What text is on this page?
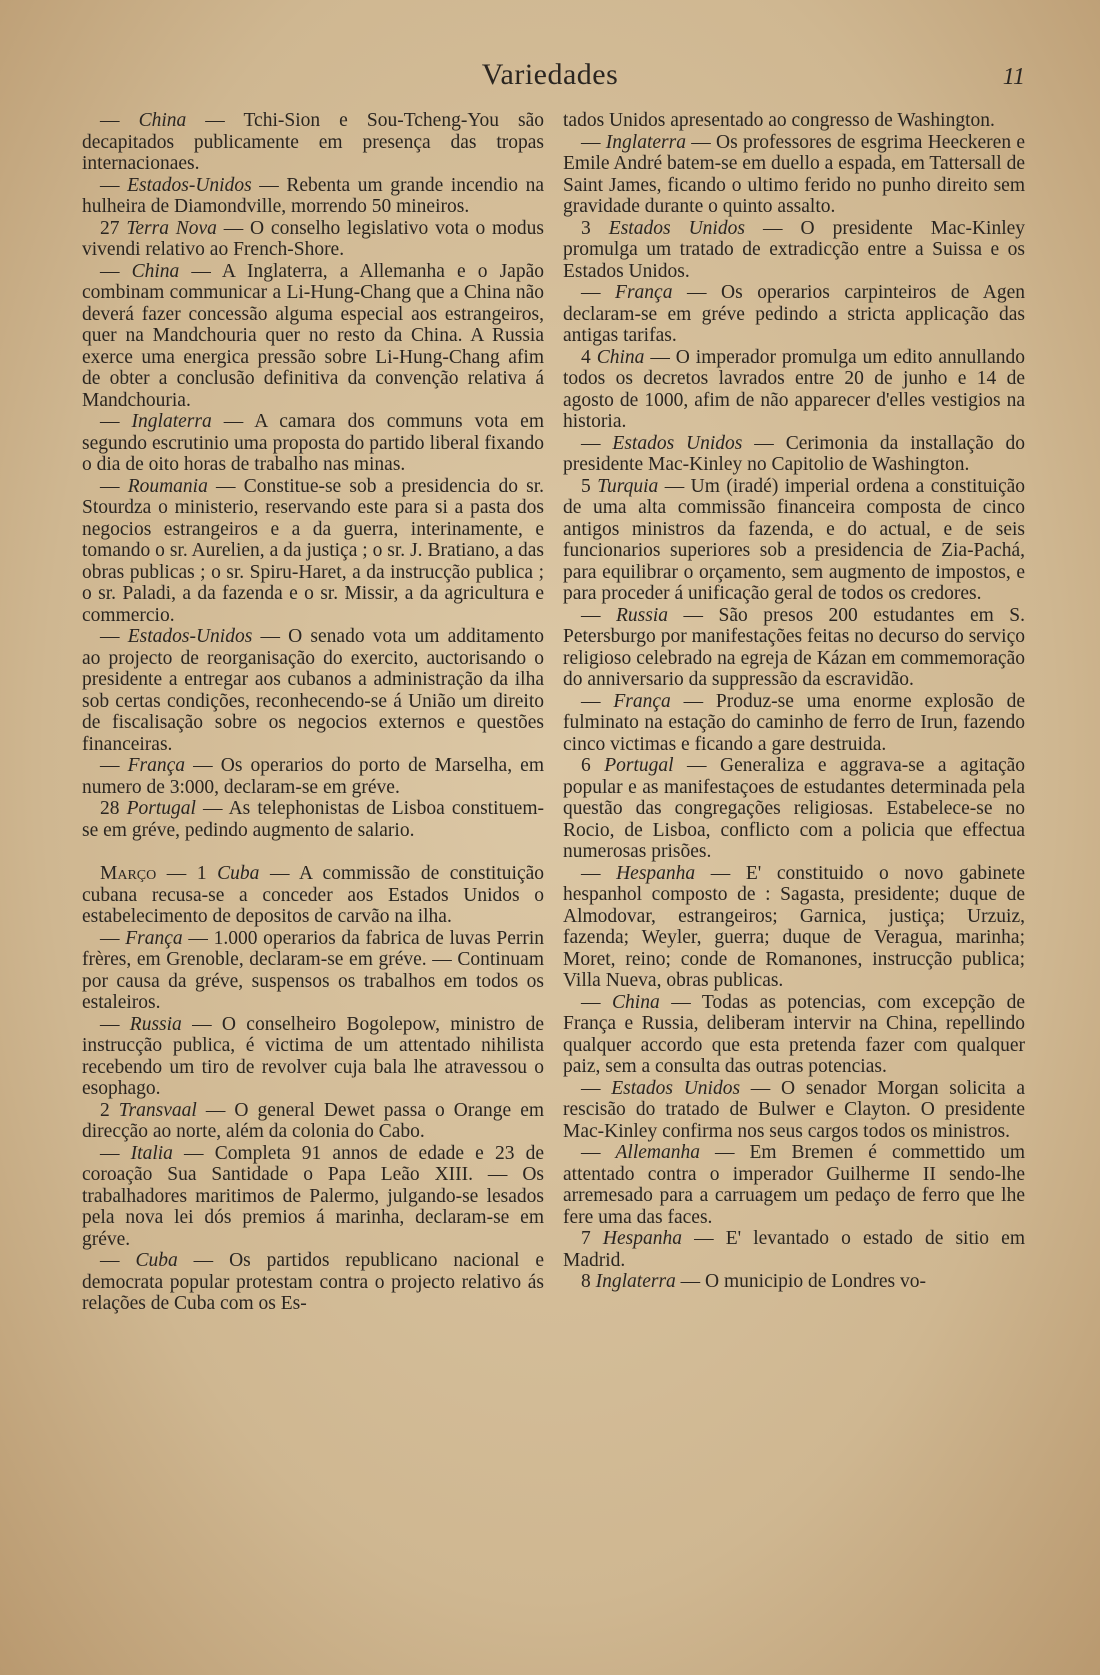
Variedades	11

— China — Tchi-Sion e Sou-Tcheng-You são decapitados publicamente em presença das tropas internacionaes.

— Estados-Unidos — Rebenta um grande incendio na hulheira de Diamondville, morrendo 50 mineiros.

27 Terra Nova — O conselho legislativo vota o modus vivendi relativo ao French-Shore.

— China — A Inglaterra, a Allemanha e o Japão combinam communicar a Li-Hung-Chang que a China não deverá fazer concessão alguma especial aos estrangeiros, quer na Mandchouria quer no resto da China. A Russia exerce uma energica pressão sobre Li-Hung-Chang afim de obter a conclusão definitiva da convenção relativa á Mandchouria.

— Inglaterra — A camara dos communs vota em segundo escrutinio uma proposta do partido liberal fixando o dia de oito horas de trabalho nas minas.

— Roumania — Constitue-se sob a presidencia do sr. Stourdza o ministerio, reservando este para si a pasta dos negocios estrangeiros e a da guerra, interinamente, e tomando o sr. Aurelien, a da justiça ; o sr. J. Bratiano, a das obras publicas ; o sr. Spiru-Haret, a da instrucção publica ; o sr. Paladi, a da fazenda e o sr. Missir, a da agricultura e commercio.

— Estados-Unidos — O senado vota um additamento ao projecto de reorganisação do exercito, auctorisando o presidente a entregar aos cubanos a administração da ilha sob certas condições, reconhecendo-se á União um direito de fiscalisação sobre os negocios externos e questões financeiras.

— França — Os operarios do porto de Marselha, em numero de 3:000, declaram-se em gréve.

28 Portugal — As telephonistas de Lisboa constituem-se em gréve, pedindo augmento de salario.

Março — 1 Cuba — A commissão de constituição cubana recusa-se a conceder aos Estados Unidos o estabelecimento de depositos de carvão na ilha.

— França — 1.000 operarios da fabrica de luvas Perrin frères, em Grenoble, declaram-se em gréve. — Continuam por causa da gréve, suspensos os trabalhos em todos os estaleiros.

— Russia — O conselheiro Bogolepow, ministro de instrucção publica, é victima de um attentado nihilista recebendo um tiro de revolver cuja bala lhe atravessou o esophago.

2 Transvaal — O general Dewet passa o Orange em direcção ao norte, além da colonia do Cabo.

— Italia — Completa 91 annos de edade e 23 de coroação Sua Santidade o Papa Leão XIII. — Os trabalhadores maritimos de Palermo, julgando-se lesados pela nova lei dós premios á marinha, declaram-se em gréve.

— Cuba — Os partidos republicano nacional e democrata popular protestam contra o projecto relativo ás relações de Cuba com os Es-

tados Unidos apresentado ao congresso de Washington.

— Inglaterra — Os professores de esgrima Heeckeren e Emile André batem-se em duello a espada, em Tattersall de Saint James, ficando o ultimo ferido no punho direito sem gravidade durante o quinto assalto.

3 Estados Unidos — O presidente Mac-Kinley promulga um tratado de extradicção entre a Suissa e os Estados Unidos.

— França — Os operarios carpinteiros de Agen declaram-se em gréve pedindo a stricta applicação das antigas tarifas.

4 China — O imperador promulga um edito annullando todos os decretos lavrados entre 20 de junho e 14 de agosto de 1000, afim de não apparecer d'elles vestigios na historia.

— Estados Unidos — Cerimonia da installação do presidente Mac-Kinley no Capitolio de Washington.

5 Turquia — Um (iradé) imperial ordena a constituição de uma alta commissão financeira composta de cinco antigos ministros da fazenda, e do actual, e de seis funcionarios superiores sob a presidencia de Zia-Pachá, para equilibrar o orçamento, sem augmento de impostos, e para proceder á unificação geral de todos os credores.

— Russia — São presos 200 estudantes em S. Petersburgo por manifestações feitas no decurso do serviço religioso celebrado na egreja de Kázan em commemoração do anniversario da suppressão da escravidão.

— França — Produz-se uma enorme explosão de fulminato na estação do caminho de ferro de Irun, fazendo cinco victimas e ficando a gare destruida.

6 Portugal — Generaliza e aggrava-se a agitação popular e as manifestaçoes de estudantes determinada pela questão das congregações religiosas. Estabelece-se no Rocio, de Lisboa, conflicto com a policia que effectua numerosas prisões.

— Hespanha — E' constituido o novo gabinete hespanhol composto de : Sagasta, presidente; duque de Almodovar, estrangeiros; Garnica, justiça; Urzuiz, fazenda; Weyler, guerra; duque de Veragua, marinha; Moret, reino; conde de Romanones, instrucção publica; Villa Nueva, obras publicas.

— China — Todas as potencias, com excepção de França e Russia, deliberam intervir na China, repellindo qualquer accordo que esta pretenda fazer com qualquer paiz, sem a consulta das outras potencias.

— Estados Unidos — O senador Morgan solicita a rescisão do tratado de Bulwer e Clayton. O presidente Mac-Kinley confirma nos seus cargos todos os ministros.

— Allemanha — Em Bremen é commettido um attentado contra o imperador Guilherme II sendo-lhe arremesado para a carruagem um pedaço de ferro que lhe fere uma das faces.

7 Hespanha — E' levantado o estado de sitio em Madrid.

8 Inglaterra — O municipio de Londres vo-
